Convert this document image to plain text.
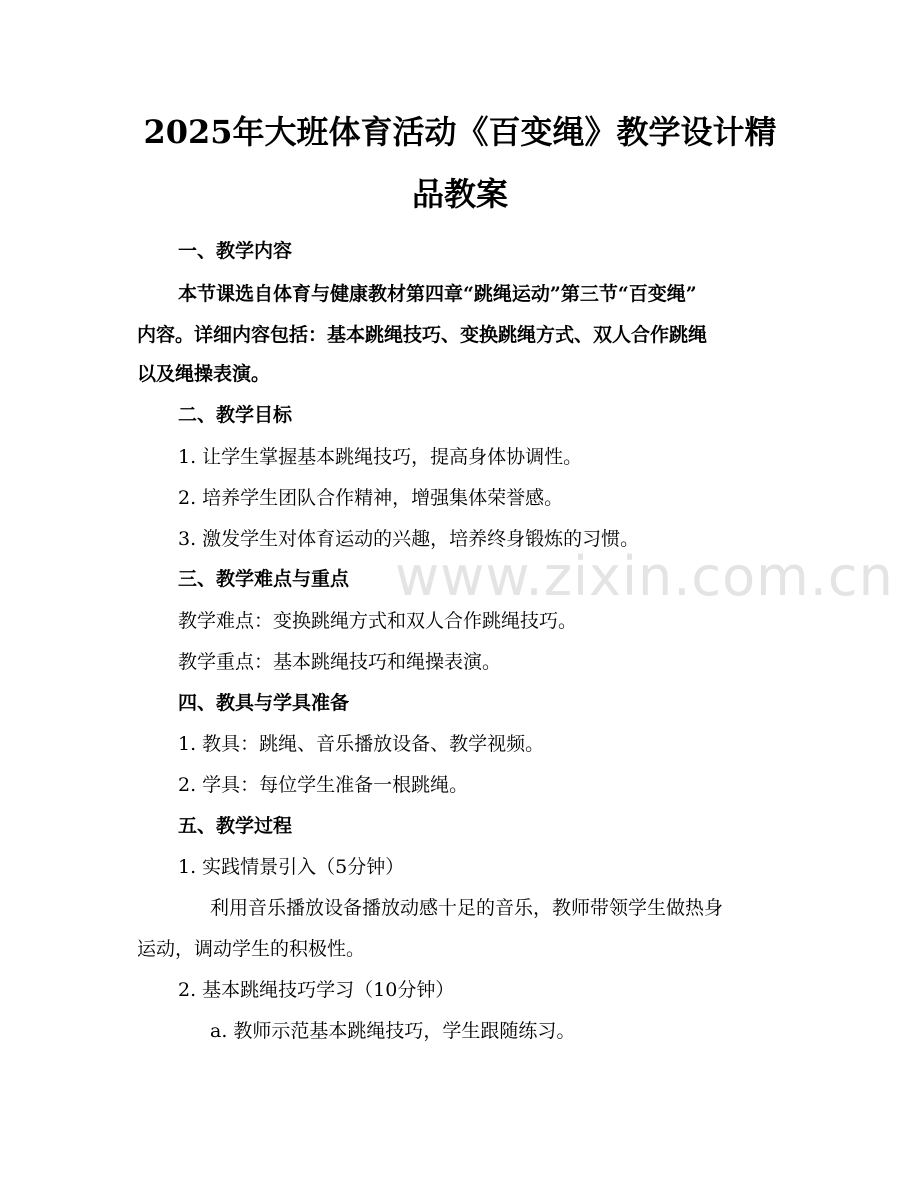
www.zixin.com.cn
2025年大班体育活动《百变绳》教学设计精
品教案

一、教学内容

本节课选自体育与健康教材第四章“跳绳运动”第三节“百变绳”

内容。详细内容包括：基本跳绳技巧、变换跳绳方式、双人合作跳绳

以及绳操表演。

二、教学目标

1. 让学生掌握基本跳绳技巧，提高身体协调性。

2. 培养学生团队合作精神，增强集体荣誉感。

3. 激发学生对体育运动的兴趣，培养终身锻炼的习惯。

三、教学难点与重点

教学难点：变换跳绳方式和双人合作跳绳技巧。

教学重点：基本跳绳技巧和绳操表演。

四、教具与学具准备

1. 教具：跳绳、音乐播放设备、教学视频。

2. 学具：每位学生准备一根跳绳。

五、教学过程

1. 实践情景引入（5分钟）

利用音乐播放设备播放动感十足的音乐，教师带领学生做热身

运动，调动学生的积极性。

2. 基本跳绳技巧学习（10分钟）

a. 教师示范基本跳绳技巧，学生跟随练习。
